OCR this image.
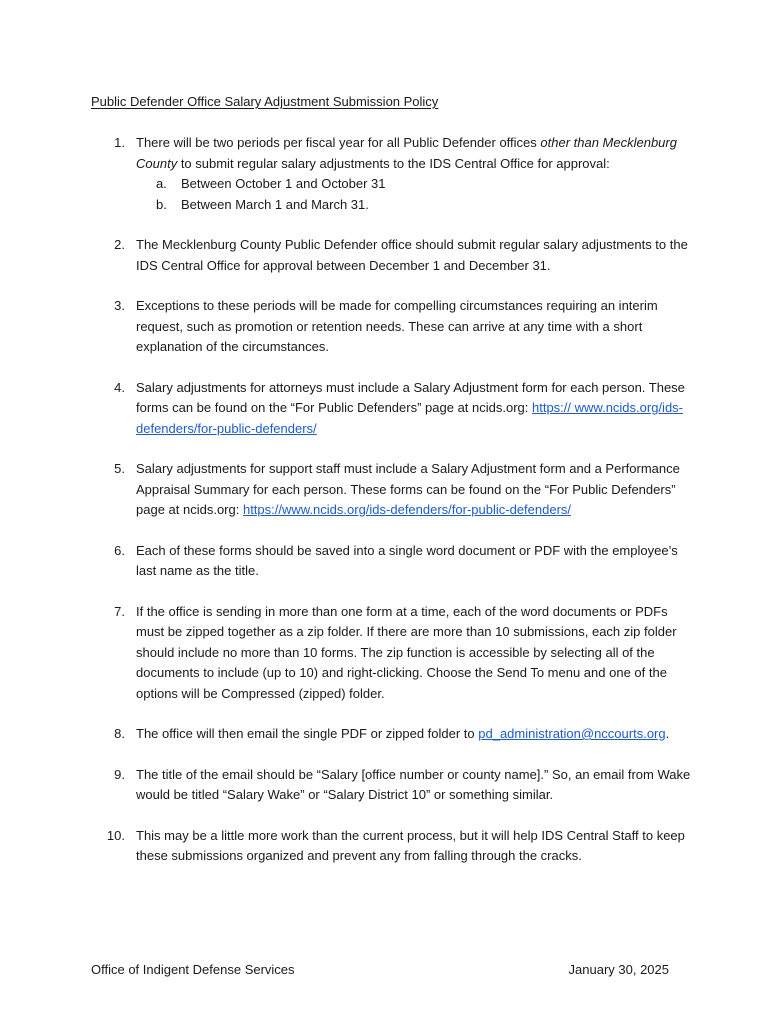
Public Defender Office Salary Adjustment Submission Policy
1. There will be two periods per fiscal year for all Public Defender offices other than Mecklenburg County to submit regular salary adjustments to the IDS Central Office for approval:
a. Between October 1 and October 31
b. Between March 1 and March 31.
2. The Mecklenburg County Public Defender office should submit regular salary adjustments to the IDS Central Office for approval between December 1 and December 31.
3. Exceptions to these periods will be made for compelling circumstances requiring an interim request, such as promotion or retention needs. These can arrive at any time with a short explanation of the circumstances.
4. Salary adjustments for attorneys must include a Salary Adjustment form for each person. These forms can be found on the “For Public Defenders” page at ncids.org: https:// www.ncids.org/ids-defenders/for-public-defenders/
5. Salary adjustments for support staff must include a Salary Adjustment form and a Performance Appraisal Summary for each person. These forms can be found on the “For Public Defenders” page at ncids.org: https://www.ncids.org/ids-defenders/for-public-defenders/
6. Each of these forms should be saved into a single word document or PDF with the employee’s last name as the title.
7. If the office is sending in more than one form at a time, each of the word documents or PDFs must be zipped together as a zip folder. If there are more than 10 submissions, each zip folder should include no more than 10 forms. The zip function is accessible by selecting all of the documents to include (up to 10) and right-clicking. Choose the Send To menu and one of the options will be Compressed (zipped) folder.
8. The office will then email the single PDF or zipped folder to pd_administration@nccourts.org.
9. The title of the email should be “Salary [office number or county name].” So, an email from Wake would be titled “Salary Wake” or “Salary District 10” or something similar.
10. This may be a little more work than the current process, but it will help IDS Central Staff to keep these submissions organized and prevent any from falling through the cracks.
Office of Indigent Defense Services	January 30, 2025
